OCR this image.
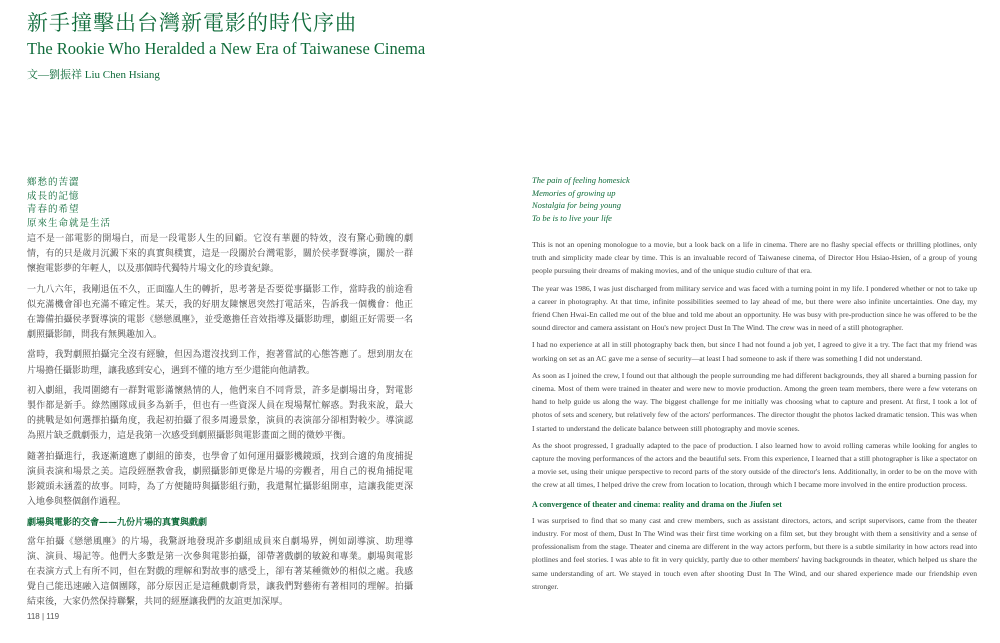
新手撞擊出台灣新電影的時代序曲
The Rookie Who Heralded a New Era of Taiwanese Cinema
文—劉振祥 Liu Chen Hsiang
鄉愁的苦澀
成長的記憶
青春的希望
原來生命就是生活
The pain of feeling homesick
Memories of growing up
Nostalgia for being young
To be is to live your life

這不是一部電影的開場白，而是一段電影人生的回顧。它沒有華麗的特效，沒有驚心動魄的劇情，有的只是歲月沉澱下來的真實與樸實，這是一段關於台灣電影，關於侯孝賢導演，關於一群懷抱電影夢的年輕人，以及那個時代獨特片場文化的珍貴紀錄。

一九八六年，我剛退伍不久，正面臨人生的轉折，思考著是否要從事攝影工作，當時我的前途看似充滿機會卻也充滿不確定性。某天，我的好朋友陳懷恩突然打電話來，告訴我一個機會：他正在籌備拍攝侯孝賢導演的電影《戀戀風塵》，並受邀擔任音效指導及攝影助理，劇組正好需要一名劇照攝影師，問我有無興趣加入。

當時，我對劇照拍攝完全沒有經驗，但因為還沒找到工作，抱著嘗試的心態答應了。想到朋友在片場擔任攝影助理，讓我感到安心，遇到不懂的地方至少還能向他請教。

初入劇組，我周圍總有一群對電影滿懷熱情的人，他們來自不同背景，許多是劇場出身，對電影製作都是新手。綠然團隊成員多為新手，但也有一些資深人員在現場幫忙解惑。對我來說，最大的挑戰是如何選擇拍攝角度，我起初拍攝了很多周邊景象，演員的表演部分卻相對較少。導演認為照片缺乏戲劇張力，這是我第一次感受到劇照攝影與電影畫面之間的微妙平衡。

隨著拍攝進行，我逐漸適應了劇組的節奏，也學會了如何運用攝影機鏡頭，找到合適的角度捕捉演員表演和場景之美。這段經歷教會我，劇照攝影師更像是片場的旁觀者，用自己的視角捕捉電影鏡頭未涵蓋的故事。同時，為了方便隨時與攝影組行動，我還幫忙攝影組開車，這讓我能更深入地參與整個創作過程。

劇場與電影的交會——九份片場的真實與戲劇

當年拍攝《戀戀風塵》的片場，我驚訝地發現許多劇組成員來自劇場界，例如副導演、助理導演、演員、場記等。他們大多數是第一次參與電影拍攝，卻帶著戲劇的敏銳和專業。劇場與電影在表演方式上有所不同，但在對戲的理解和對故事的感受上，卻有著某種微妙的相似之處。我感覺自己能迅速融入這個團隊，部分原因正是這種戲劇背景，讓我們對藝術有著相同的理解。拍攝結束後，大家仍然保持聯繫，共同的經歷讓我們的友誼更加深厚。

This is not an opening monologue to a movie, but a look back on a life in cinema. There are no flashy special effects or thrilling plotlines, only truth and simplicity made clear by time. This is an invaluable record of Taiwanese cinema, of Director Hou Hsiao-Hsien, of a group of young people pursuing their dreams of making movies, and of the unique studio culture of that era.

The year was 1986, I was just discharged from military service and was faced with a turning point in my life. I pondered whether or not to take up a career in photography. At that time, infinite possibilities seemed to lay ahead of me, but there were also infinite uncertainties. One day, my friend Chen Hwai-En called me out of the blue and told me about an opportunity. He was busy with pre-production since he was offered to be the sound director and camera assistant on Hou's new project Dust In The Wind. The crew was in need of a still photographer.

I had no experience at all in still photography back then, but since I had not found a job yet, I agreed to give it a try. The fact that my friend was working on set as an AC gave me a sense of security—at least I had someone to ask if there was something I did not understand.

As soon as I joined the crew, I found out that although the people surrounding me had different backgrounds, they all shared a burning passion for cinema. Most of them were trained in theater and were new to movie production. Among the green team members, there were a few veterans on hand to help guide us along the way. The biggest challenge for me initially was choosing what to capture and present. At first, I took a lot of photos of sets and scenery, but relatively few of the actors' performances. The director thought the photos lacked dramatic tension. This was when I started to understand the delicate balance between still photography and movie scenes.

As the shoot progressed, I gradually adapted to the pace of production. I also learned how to avoid rolling cameras while looking for angles to capture the moving performances of the actors and the beautiful sets. From this experience, I learned that a still photographer is like a spectator on a movie set, using their unique perspective to record parts of the story outside of the director's lens. Additionally, in order to be on the move with the crew at all times, I helped drive the crew from location to location, through which I became more involved in the entire production process.

A convergence of theater and cinema: reality and drama on the Jiufen set

I was surprised to find that so many cast and crew members, such as assistant directors, actors, and script supervisors, came from the theater industry. For most of them, Dust In The Wind was their first time working on a film set, but they brought with them a sensitivity and a sense of professionalism from the stage. Theater and cinema are different in the way actors perform, but there is a subtle similarity in how actors read into plotlines and feel stories. I was able to fit in very quickly, partly due to other members' having backgrounds in theater, which helped us share the same understanding of art. We stayed in touch even after shooting Dust In The Wind, and our shared experience made our friendship even stronger.

118 | 119
